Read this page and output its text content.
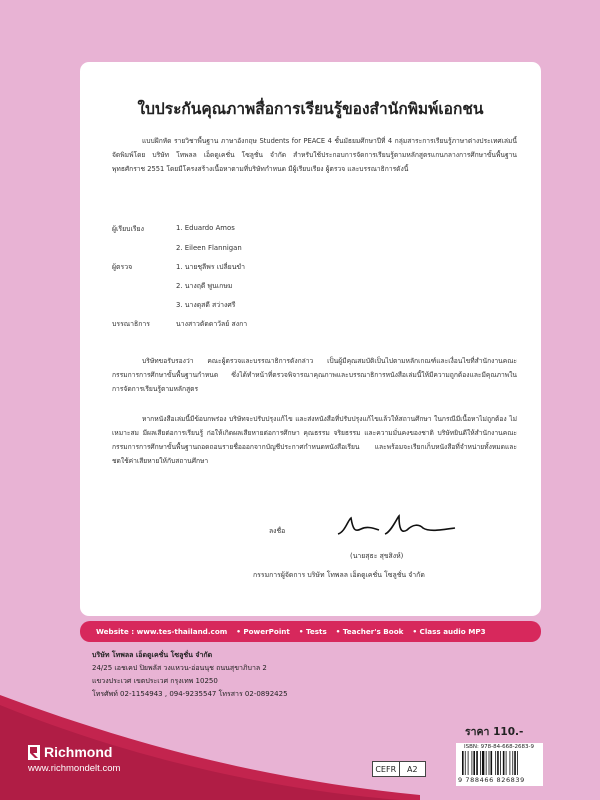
ใบประกันคุณภาพสื่อการเรียนรู้ของสำนักพิมพ์เอกชน

แบบฝึกหัด รายวิชาพื้นฐาน ภาษาอังกฤษ Students for PEACE 4 ชั้นมัธยมศึกษาปีที่ 4 กลุ่มสาระการเรียนรู้ภาษาต่างประเทศเล่มนี้ จัดพิมพ์โดย บริษัท โทพลล เอ็ดดูเคชั่น โซลูชั่น จำกัด สำหรับใช้ประกอบการจัดการเรียนรู้ตามหลักสูตรแกนกลางการศึกษาขั้นพื้นฐาน พุทธศักราช 2551 โดยมีโครงสร้างเนื้อหาตามที่บริษัทกำหนด มีผู้เรียบเรียง ผู้ตรวจ และบรรณาธิการดังนี้

ผู้เรียบเรียง	1. Eduardo Amos
2. Eileen Flannigan
ผู้ตรวจ	1. นายชุลีพร เปลี่ยนขำ
2. นางฤดี พูนเกษม
3. นางดุสดี สว่างศรี
บรรณาธิการ	นางสาวตัดดาวัลย์ สงกา

บริษัทขอรับรองว่า คณะผู้ตรวจและบรรณาธิการดังกล่าว เป็นผู้มีคุณสมบัติเป็นไปตามหลักเกณฑ์และเงื่อนไขที่สำนักงานคณะกรรมการการศึกษาขั้นพื้นฐานกำหนด ซึ่งได้ทำหน้าที่ตรวจพิจารณาคุณภาพและบรรณาธิการหนังสือเล่มนี้ให้มีความถูกต้องและมีคุณภาพในการจัดการเรียนรู้ตามหลักสูตร

หากหนังสือเล่มนี้มีข้อบกพร่อง บริษัทจะปรับปรุงแก้ไข และส่งหนังสือที่ปรับปรุงแก้ไขแล้วให้สถานศึกษา ในกรณีมีเนื้อหาไม่ถูกต้อง ไม่เหมาะสม มีผลเสียต่อการเรียนรู้ ก่อให้เกิดผลเสียหายต่อการศึกษา คุณธรรม จริยธรรม และความมั่นคงของชาติ บริษัทยินดีให้สำนักงานคณะกรรมการการศึกษาขั้นพื้นฐานถอดถอนรายชื่อออกจากบัญชีประกาศกำหนดหนังสือเรียน และพร้อมจะเรียกเก็บหนังสือที่จำหน่ายทั้งหมดและชดใช้ค่าเสียหายให้กับสถานศึกษา

ลงชื่อ
(นายสุธะ สุขสิงห์)
กรรมการผู้จัดการ บริษัท โทพลล เอ็ดดูเคชั่น โซลูชั่น จำกัด
Website : www.tes-thailand.com • PowerPoint • Tests • Teacher's Book • Class audio MP3
บริษัท โทพลล เอ็ดดูเคชั่น โซลูชั่น จำกัด
24/25 เอชเคป ปิยพลัส วงแหวน-อ่อนนุช ถนนสุขาภิบาล 2
แขวงประเวศ เขตประเวศ กรุงเทพ 10250
โทรศัพท์ 02-1154943 , 094-9235547 โทรสาร 02-0892425
Richmond
www.richmondelt.com
ราคา 110.-
CEFR	A2
ISBN: 978-84-668-2683-9
9 788466 826839
